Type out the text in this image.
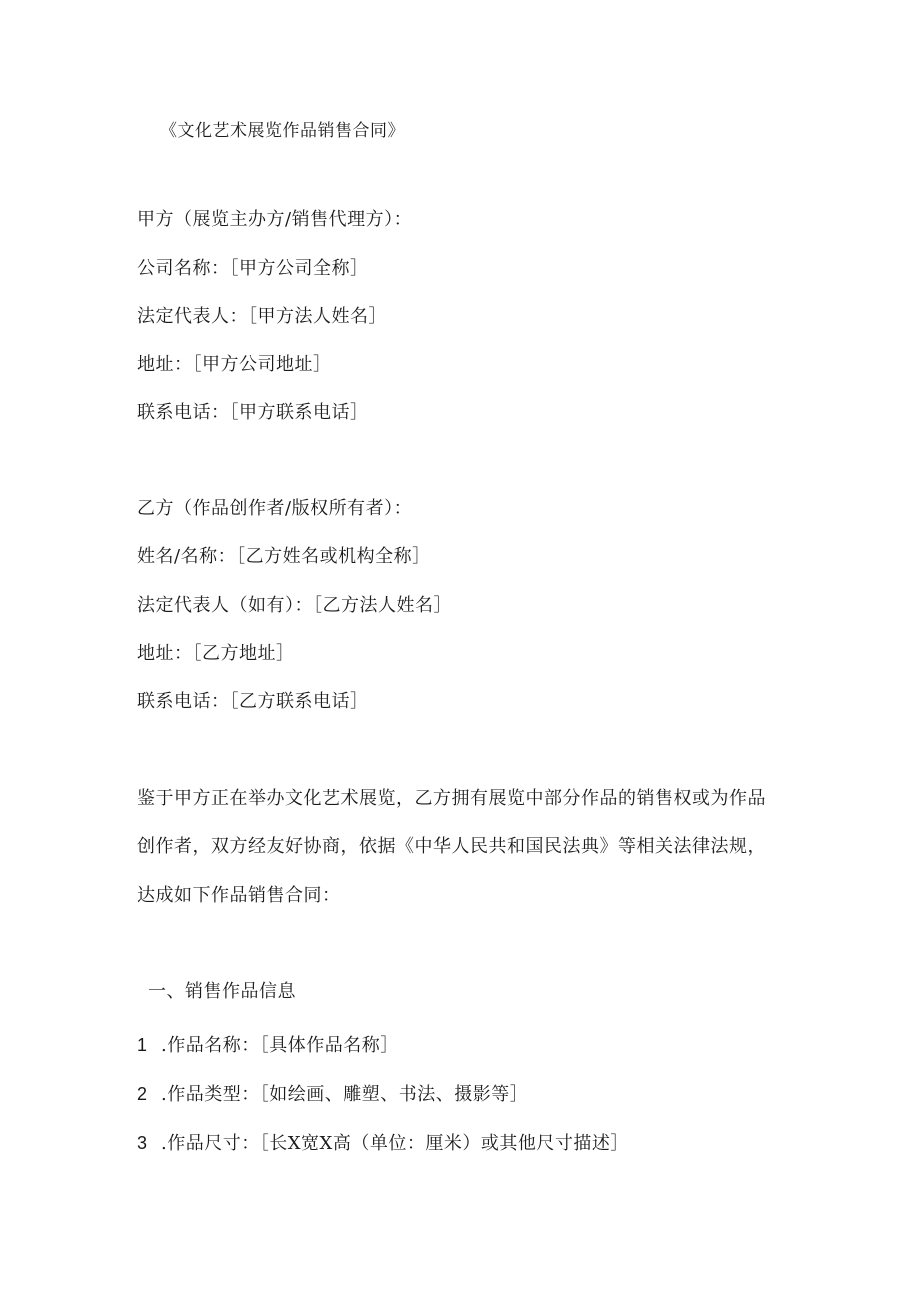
《文化艺术展览作品销售合同》
甲方（展览主办方/销售代理方）：
公司名称：［甲方公司全称］
法定代表人：［甲方法人姓名］
地址：［甲方公司地址］
联系电话：［甲方联系电话］
乙方（作品创作者/版权所有者）：
姓名/名称：［乙方姓名或机构全称］
法定代表人（如有）：［乙方法人姓名］
地址：［乙方地址］
联系电话：［乙方联系电话］
鉴于甲方正在举办文化艺术展览，乙方拥有展览中部分作品的销售权或为作品
创作者，双方经友好协商，依据《中华人民共和国民法典》等相关法律法规，
达成如下作品销售合同：
一、销售作品信息
1 .作品名称：［具体作品名称］
2 .作品类型：［如绘画、雕塑、书法、摄影等］
3 .作品尺寸：［长X宽X高（单位：厘米）或其他尺寸描述］
